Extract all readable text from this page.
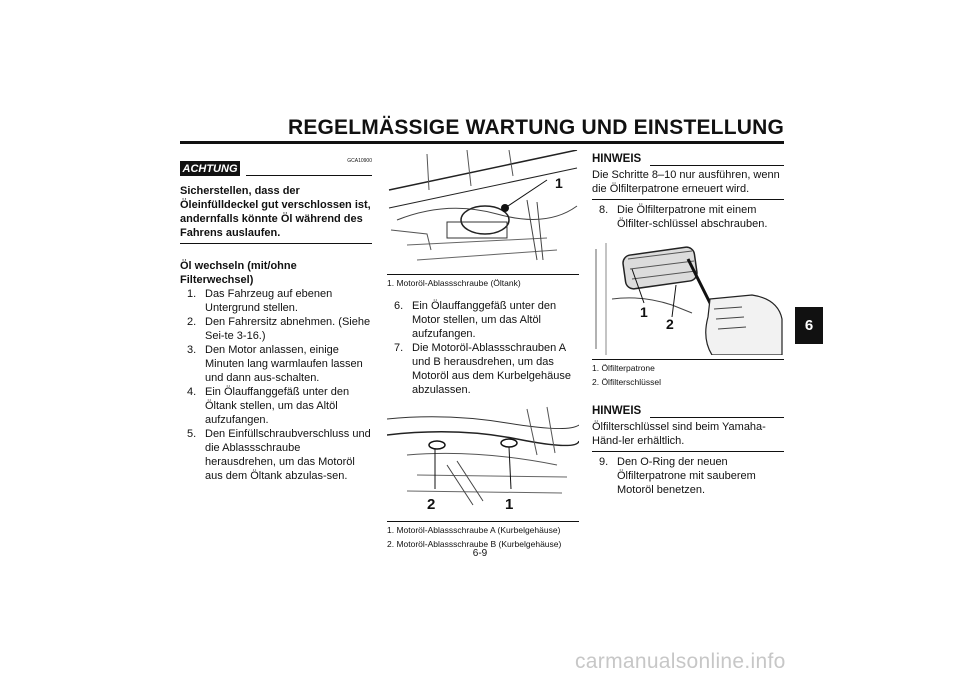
REGELMÄSSIGE WARTUNG UND EINSTELLUNG
6
GCA10900
ACHTUNG
Sicherstellen, dass der Öleinfülldeckel gut verschlossen ist, andernfalls könnte Öl während des Fahrens auslaufen.
Öl wechseln (mit/ohne Filterwechsel)
1. Das Fahrzeug auf ebenen Untergrund stellen.
2. Den Fahrersitz abnehmen. (Siehe Sei-te 3-16.)
3. Den Motor anlassen, einige Minuten lang warmlaufen lassen und dann aus-schalten.
4. Ein Ölauffanggefäß unter den Öltank stellen, um das Altöl aufzufangen.
5. Den Einfüllschraubverschluss und die Ablassschraube herausdrehen, um das Motoröl aus dem Öltank abzulas-sen.
1
1. Motoröl-Ablassschraube (Öltank)
6. Ein Ölauffanggefäß unter den Motor stellen, um das Altöl aufzufangen.
7. Die Motoröl-Ablassschrauben A und B herausdrehen, um das Motoröl aus dem Kurbelgehäuse abzulassen.
2	1
1. Motoröl-Ablassschraube A (Kurbelgehäuse)
2. Motoröl-Ablassschraube B (Kurbelgehäuse)
HINWEIS
Die Schritte 8–10 nur ausführen, wenn die Ölfilterpatrone erneuert wird.
8. Die Ölfilterpatrone mit einem Ölfilter-schlüssel abschrauben.
1
2
1. Ölfilterpatrone
2. Ölfilterschlüssel
HINWEIS
Ölfilterschlüssel sind beim Yamaha-Händ-ler erhältlich.
9. Den O-Ring der neuen Ölfilterpatrone mit sauberem Motoröl benetzen.
6-9
carmanualsonline.info
